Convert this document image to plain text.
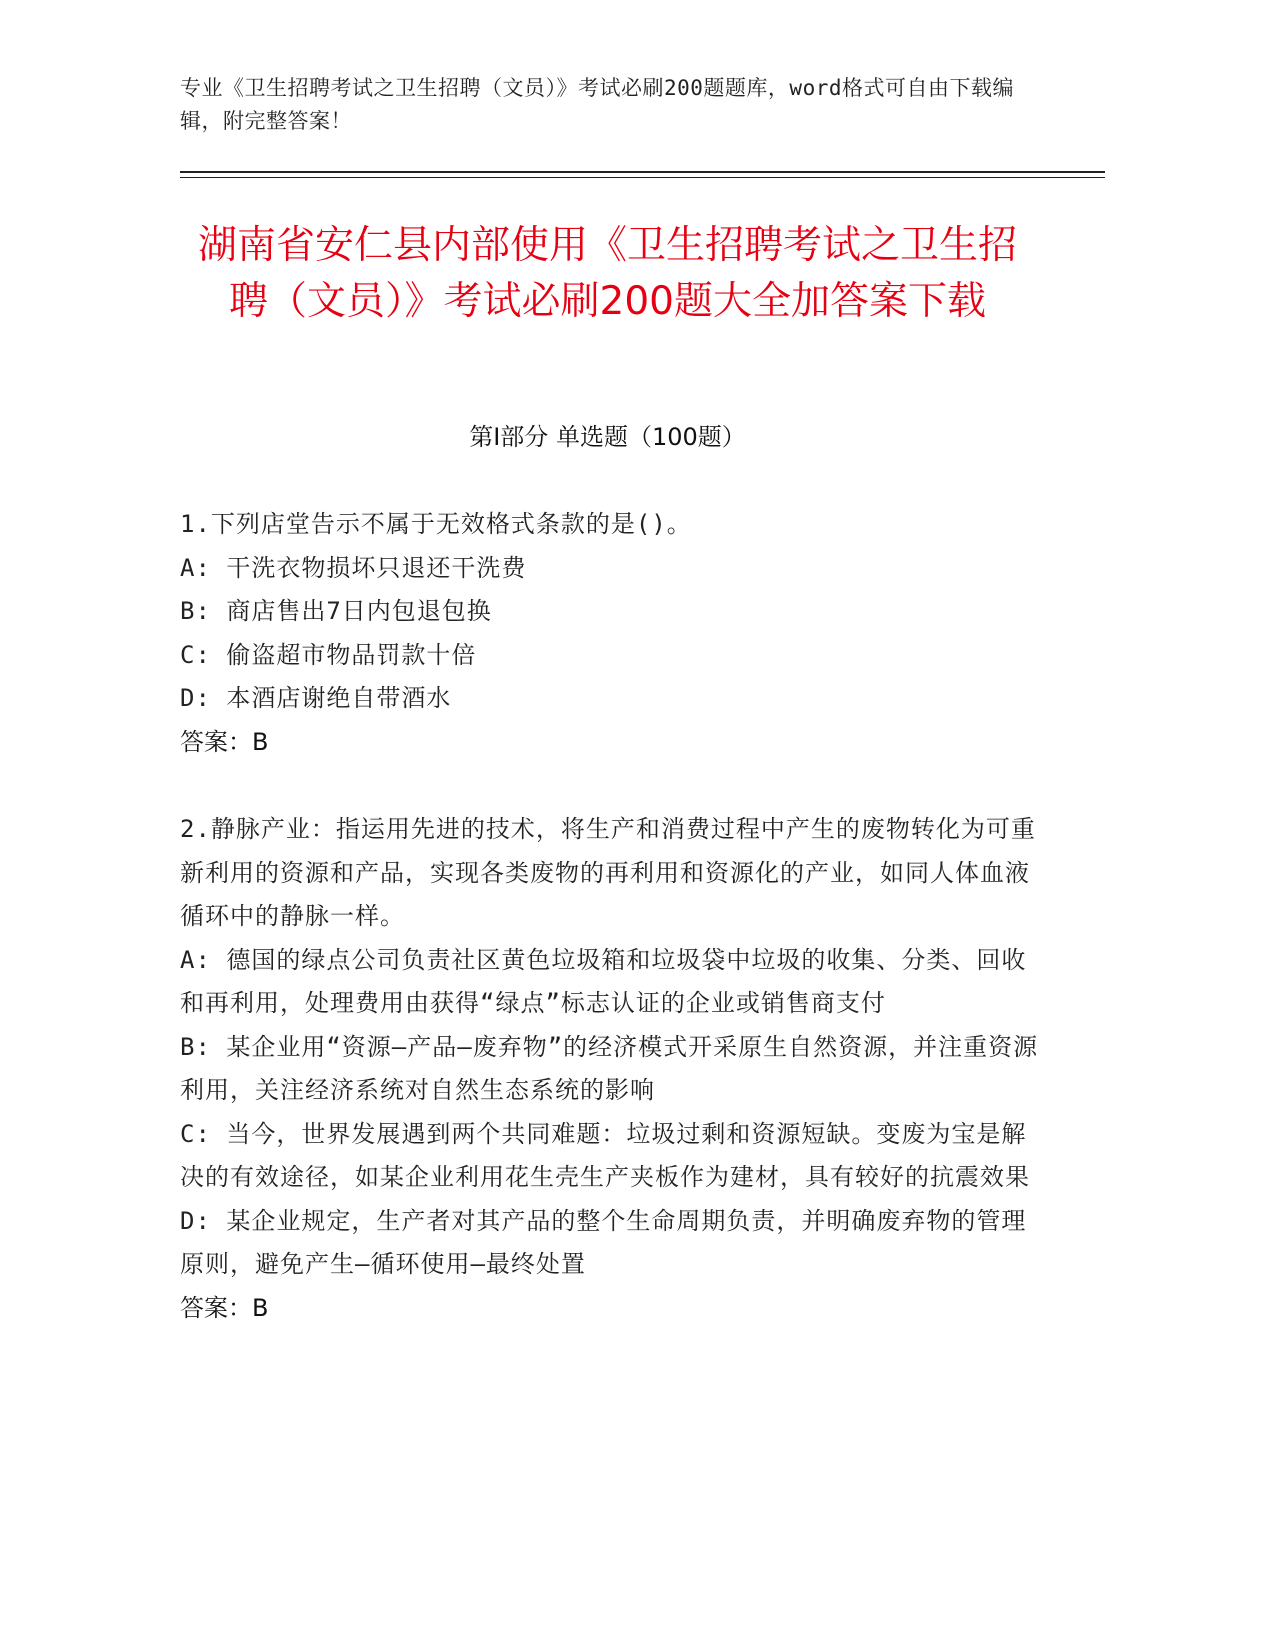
专业《卫生招聘考试之卫生招聘（文员）》考试必刷200题题库，word格式可自由下载编辑，附完整答案！
湖南省安仁县内部使用《卫生招聘考试之卫生招聘（文员）》考试必刷200题大全加答案下载
第Ⅰ部分 单选题（100题）

1.下列店堂告示不属于无效格式条款的是()。

A: 干洗衣物损坏只退还干洗费

B: 商店售出7日内包退包换

C: 偷盗超市物品罚款十倍

D: 本酒店谢绝自带酒水

答案：B

2.静脉产业：指运用先进的技术，将生产和消费过程中产生的废物转化为可重新利用的资源和产品，实现各类废物的再利用和资源化的产业，如同人体血液循环中的静脉一样。

A: 德国的绿点公司负责社区黄色垃圾箱和垃圾袋中垃圾的收集、分类、回收和再利用，处理费用由获得“绿点”标志认证的企业或销售商支付

B: 某企业用“资源—产品—废弃物”的经济模式开采原生自然资源，并注重资源利用，关注经济系统对自然生态系统的影响

C: 当今，世界发展遇到两个共同难题：垃圾过剩和资源短缺。变废为宝是解决的有效途径，如某企业利用花生壳生产夹板作为建材，具有较好的抗震效果

D: 某企业规定，生产者对其产品的整个生命周期负责，并明确废弃物的管理原则，避免产生—循环使用—最终处置

答案：B
